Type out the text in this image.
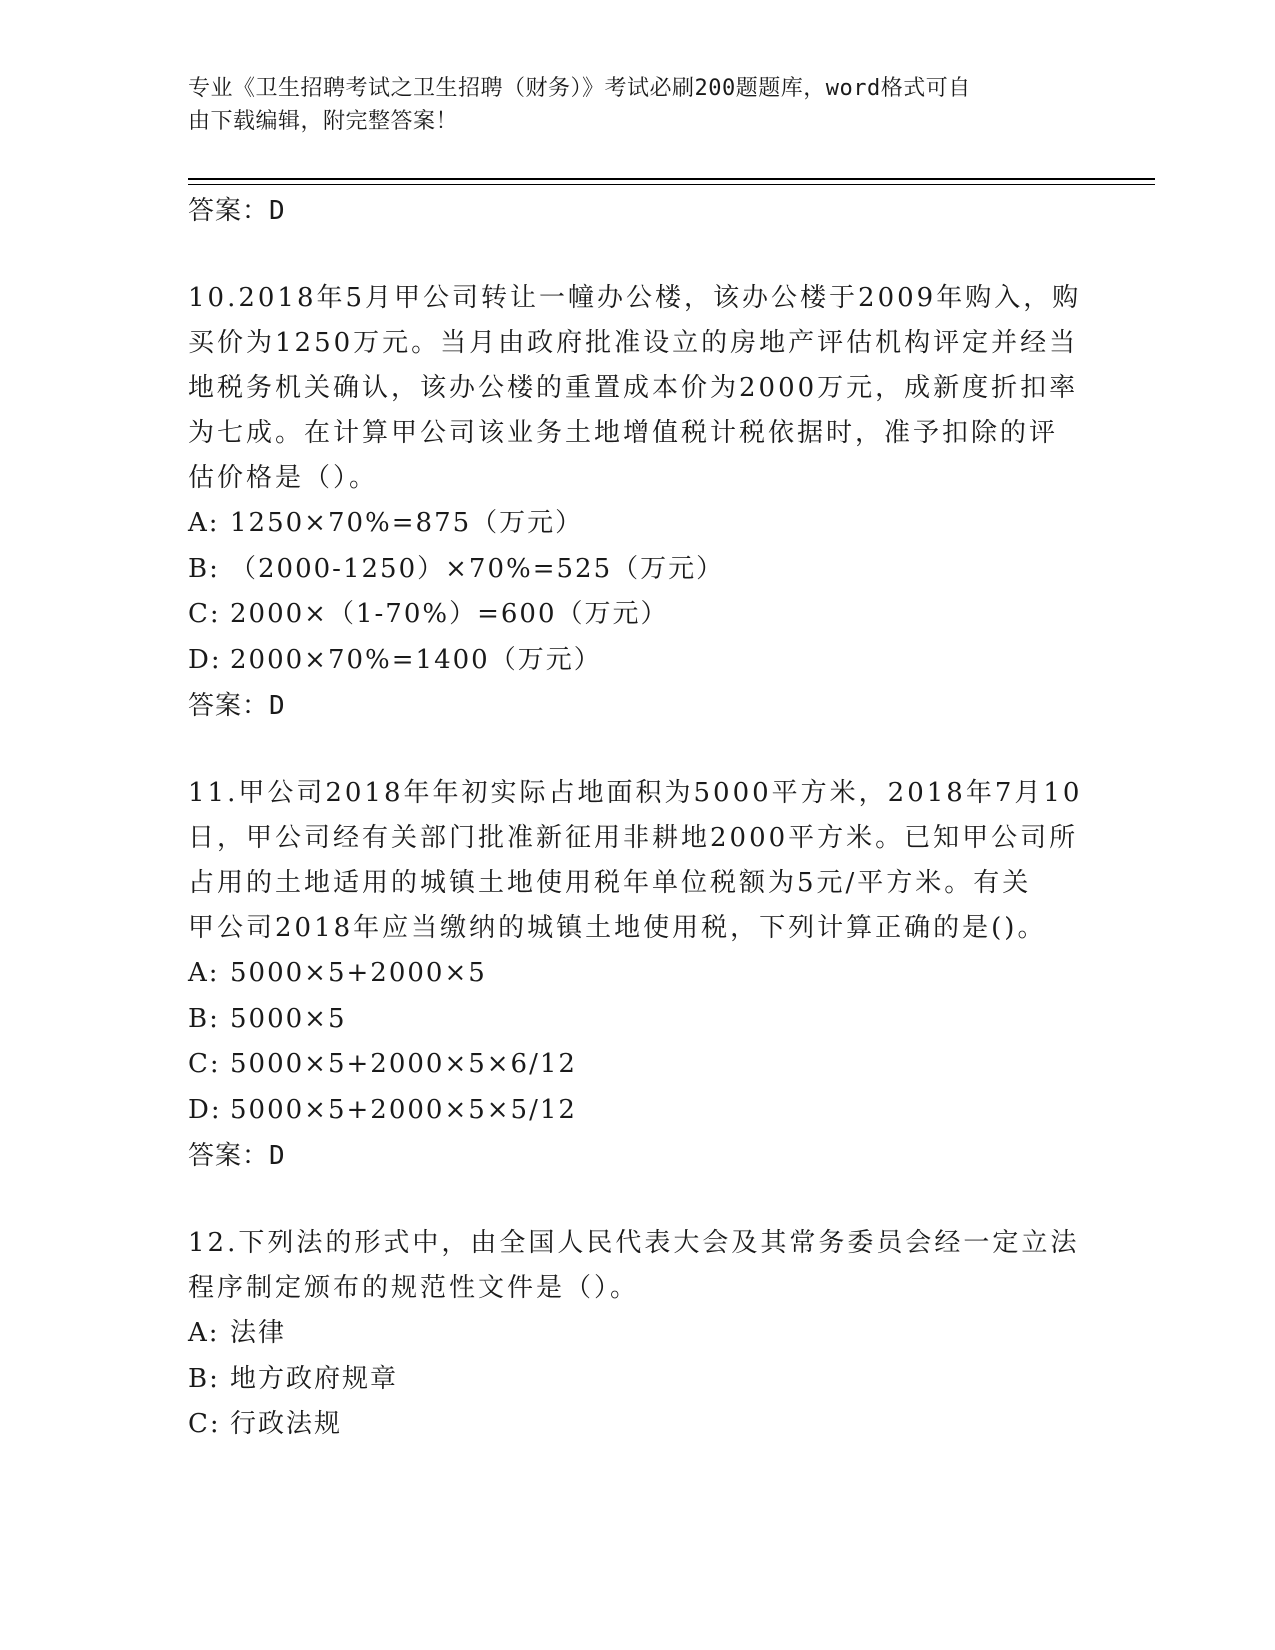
专业《卫生招聘考试之卫生招聘（财务）》考试必刷200题题库，word格式可自
由下载编辑，附完整答案！

答案：D

10.2018年5月甲公司转让一幢办公楼，该办公楼于2009年购入，购

买价为1250万元。当月由政府批准设立的房地产评估机构评定并经当

地税务机关确认，该办公楼的重置成本价为2000万元，成新度折扣率

为七成。在计算甲公司该业务土地增值税计税依据时，准予扣除的评

估价格是（）。

A: 1250×70%=875（万元）

B: （2000-1250）×70%=525（万元）

C: 2000×（1-70%）=600（万元）

D: 2000×70%=1400（万元）

答案：D

11.甲公司2018年年初实际占地面积为5000平方米，2018年7月10

日，甲公司经有关部门批准新征用非耕地2000平方米。已知甲公司所

占用的土地适用的城镇土地使用税年单位税额为5元/平方米。有关

甲公司2018年应当缴纳的城镇土地使用税，下列计算正确的是()。

A: 5000×5+2000×5

B: 5000×5

C: 5000×5+2000×5×6/12

D: 5000×5+2000×5×5/12

答案：D

12.下列法的形式中，由全国人民代表大会及其常务委员会经一定立法

程序制定颁布的规范性文件是（）。

A: 法律

B: 地方政府规章

C: 行政法规
